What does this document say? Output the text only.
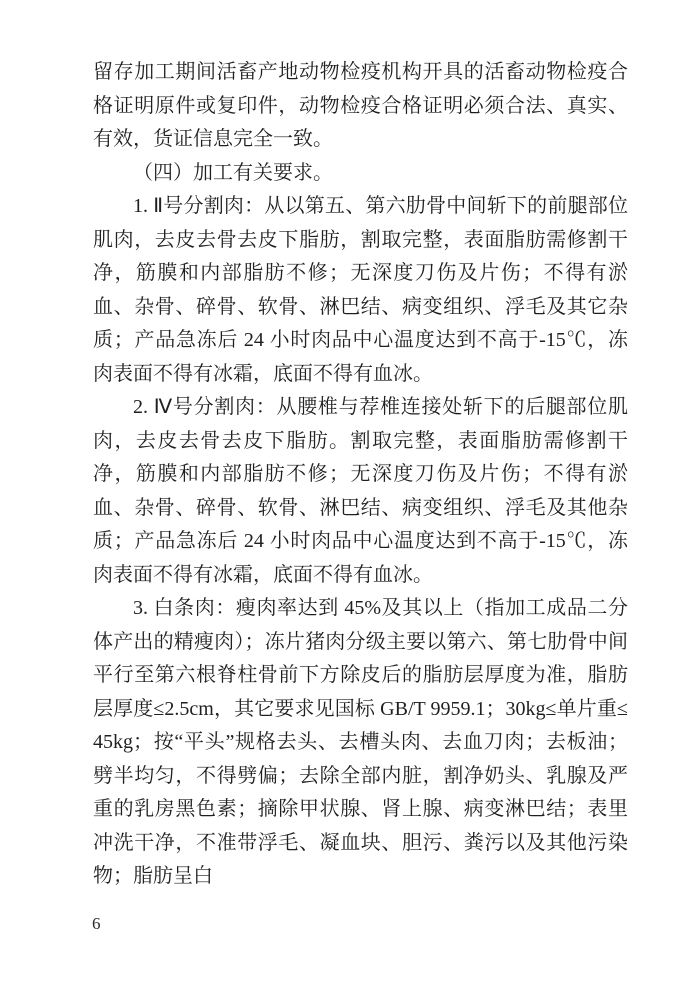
留存加工期间活畜产地动物检疫机构开具的活畜动物检疫合格证明原件或复印件，动物检疫合格证明必须合法、真实、有效，货证信息完全一致。

（四）加工有关要求。

1. Ⅱ号分割肉：从以第五、第六肋骨中间斩下的前腿部位肌肉，去皮去骨去皮下脂肪，割取完整，表面脂肪需修割干净，筋膜和内部脂肪不修；无深度刀伤及片伤；不得有淤血、杂骨、碎骨、软骨、淋巴结、病变组织、浮毛及其它杂质；产品急冻后 24 小时肉品中心温度达到不高于-15℃，冻肉表面不得有冰霜，底面不得有血冰。

2. Ⅳ号分割肉：从腰椎与荐椎连接处斩下的后腿部位肌肉，去皮去骨去皮下脂肪。割取完整，表面脂肪需修割干净，筋膜和内部脂肪不修；无深度刀伤及片伤；不得有淤血、杂骨、碎骨、软骨、淋巴结、病变组织、浮毛及其他杂质；产品急冻后 24 小时肉品中心温度达到不高于-15℃，冻肉表面不得有冰霜，底面不得有血冰。

3. 白条肉：瘦肉率达到 45%及其以上（指加工成品二分体产出的精瘦肉）；冻片猪肉分级主要以第六、第七肋骨中间平行至第六根脊柱骨前下方除皮后的脂肪层厚度为准，脂肪层厚度≤2.5cm，其它要求见国标 GB/T 9959.1；30kg≤单片重≤45kg；按“平头”规格去头、去槽头肉、去血刀肉；去板油；劈半均匀，不得劈偏；去除全部内脏，割净奶头、乳腺及严重的乳房黑色素；摘除甲状腺、肾上腺、病变淋巴结；表里冲洗干净，不准带浮毛、凝血块、胆污、粪污以及其他污染物；脂肪呈白

6
